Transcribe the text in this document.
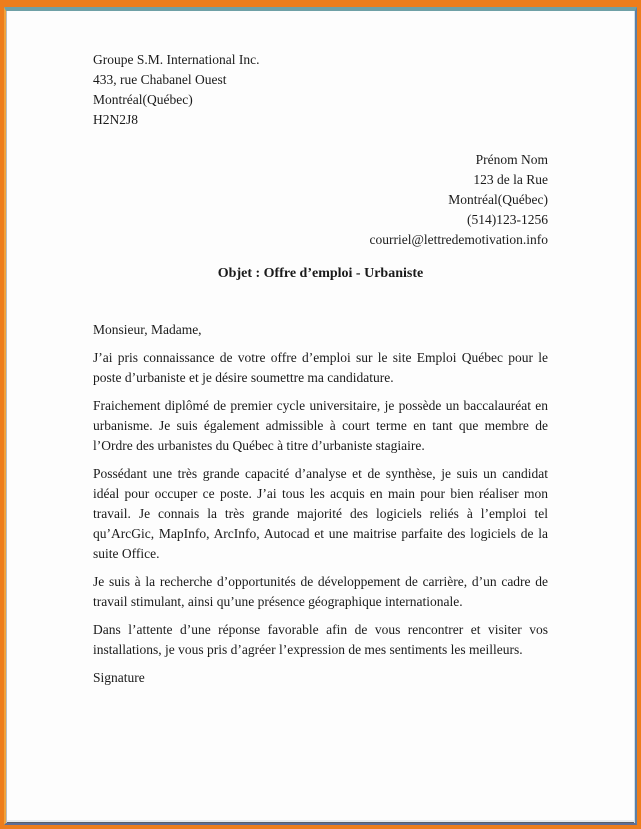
Groupe S.M. International Inc.
433, rue Chabanel Ouest
Montréal(Québec)
H2N2J8
Prénom Nom
123 de la Rue
Montréal(Québec)
(514)123-1256
courriel@lettredemotivation.info
Objet : Offre d’emploi - Urbaniste
Monsieur, Madame,

J’ai pris connaissance de votre offre d’emploi sur le site Emploi Québec pour le poste d’urbaniste et je désire soumettre ma candidature.

Fraichement diplômé de premier cycle universitaire, je possède un baccalauréat en urbanisme. Je suis également admissible à court terme en tant que membre de l’Ordre des urbanistes du Québec à titre d’urbaniste stagiaire.

Possédant une très grande capacité d’analyse et de synthèse, je suis un candidat idéal pour occuper ce poste. J’ai tous les acquis en main pour bien réaliser mon travail. Je connais la très grande majorité des logiciels reliés à l’emploi tel qu’ArcGic, MapInfo, ArcInfo, Autocad et une maitrise parfaite des logiciels de la suite Office.

Je suis à la recherche d’opportunités de développement de carrière, d’un cadre de travail stimulant, ainsi qu’une présence géographique internationale.

Dans l’attente d’une réponse favorable afin de vous rencontrer et visiter vos installations, je vous pris d’agréer l’expression de mes sentiments les meilleurs.

Signature
